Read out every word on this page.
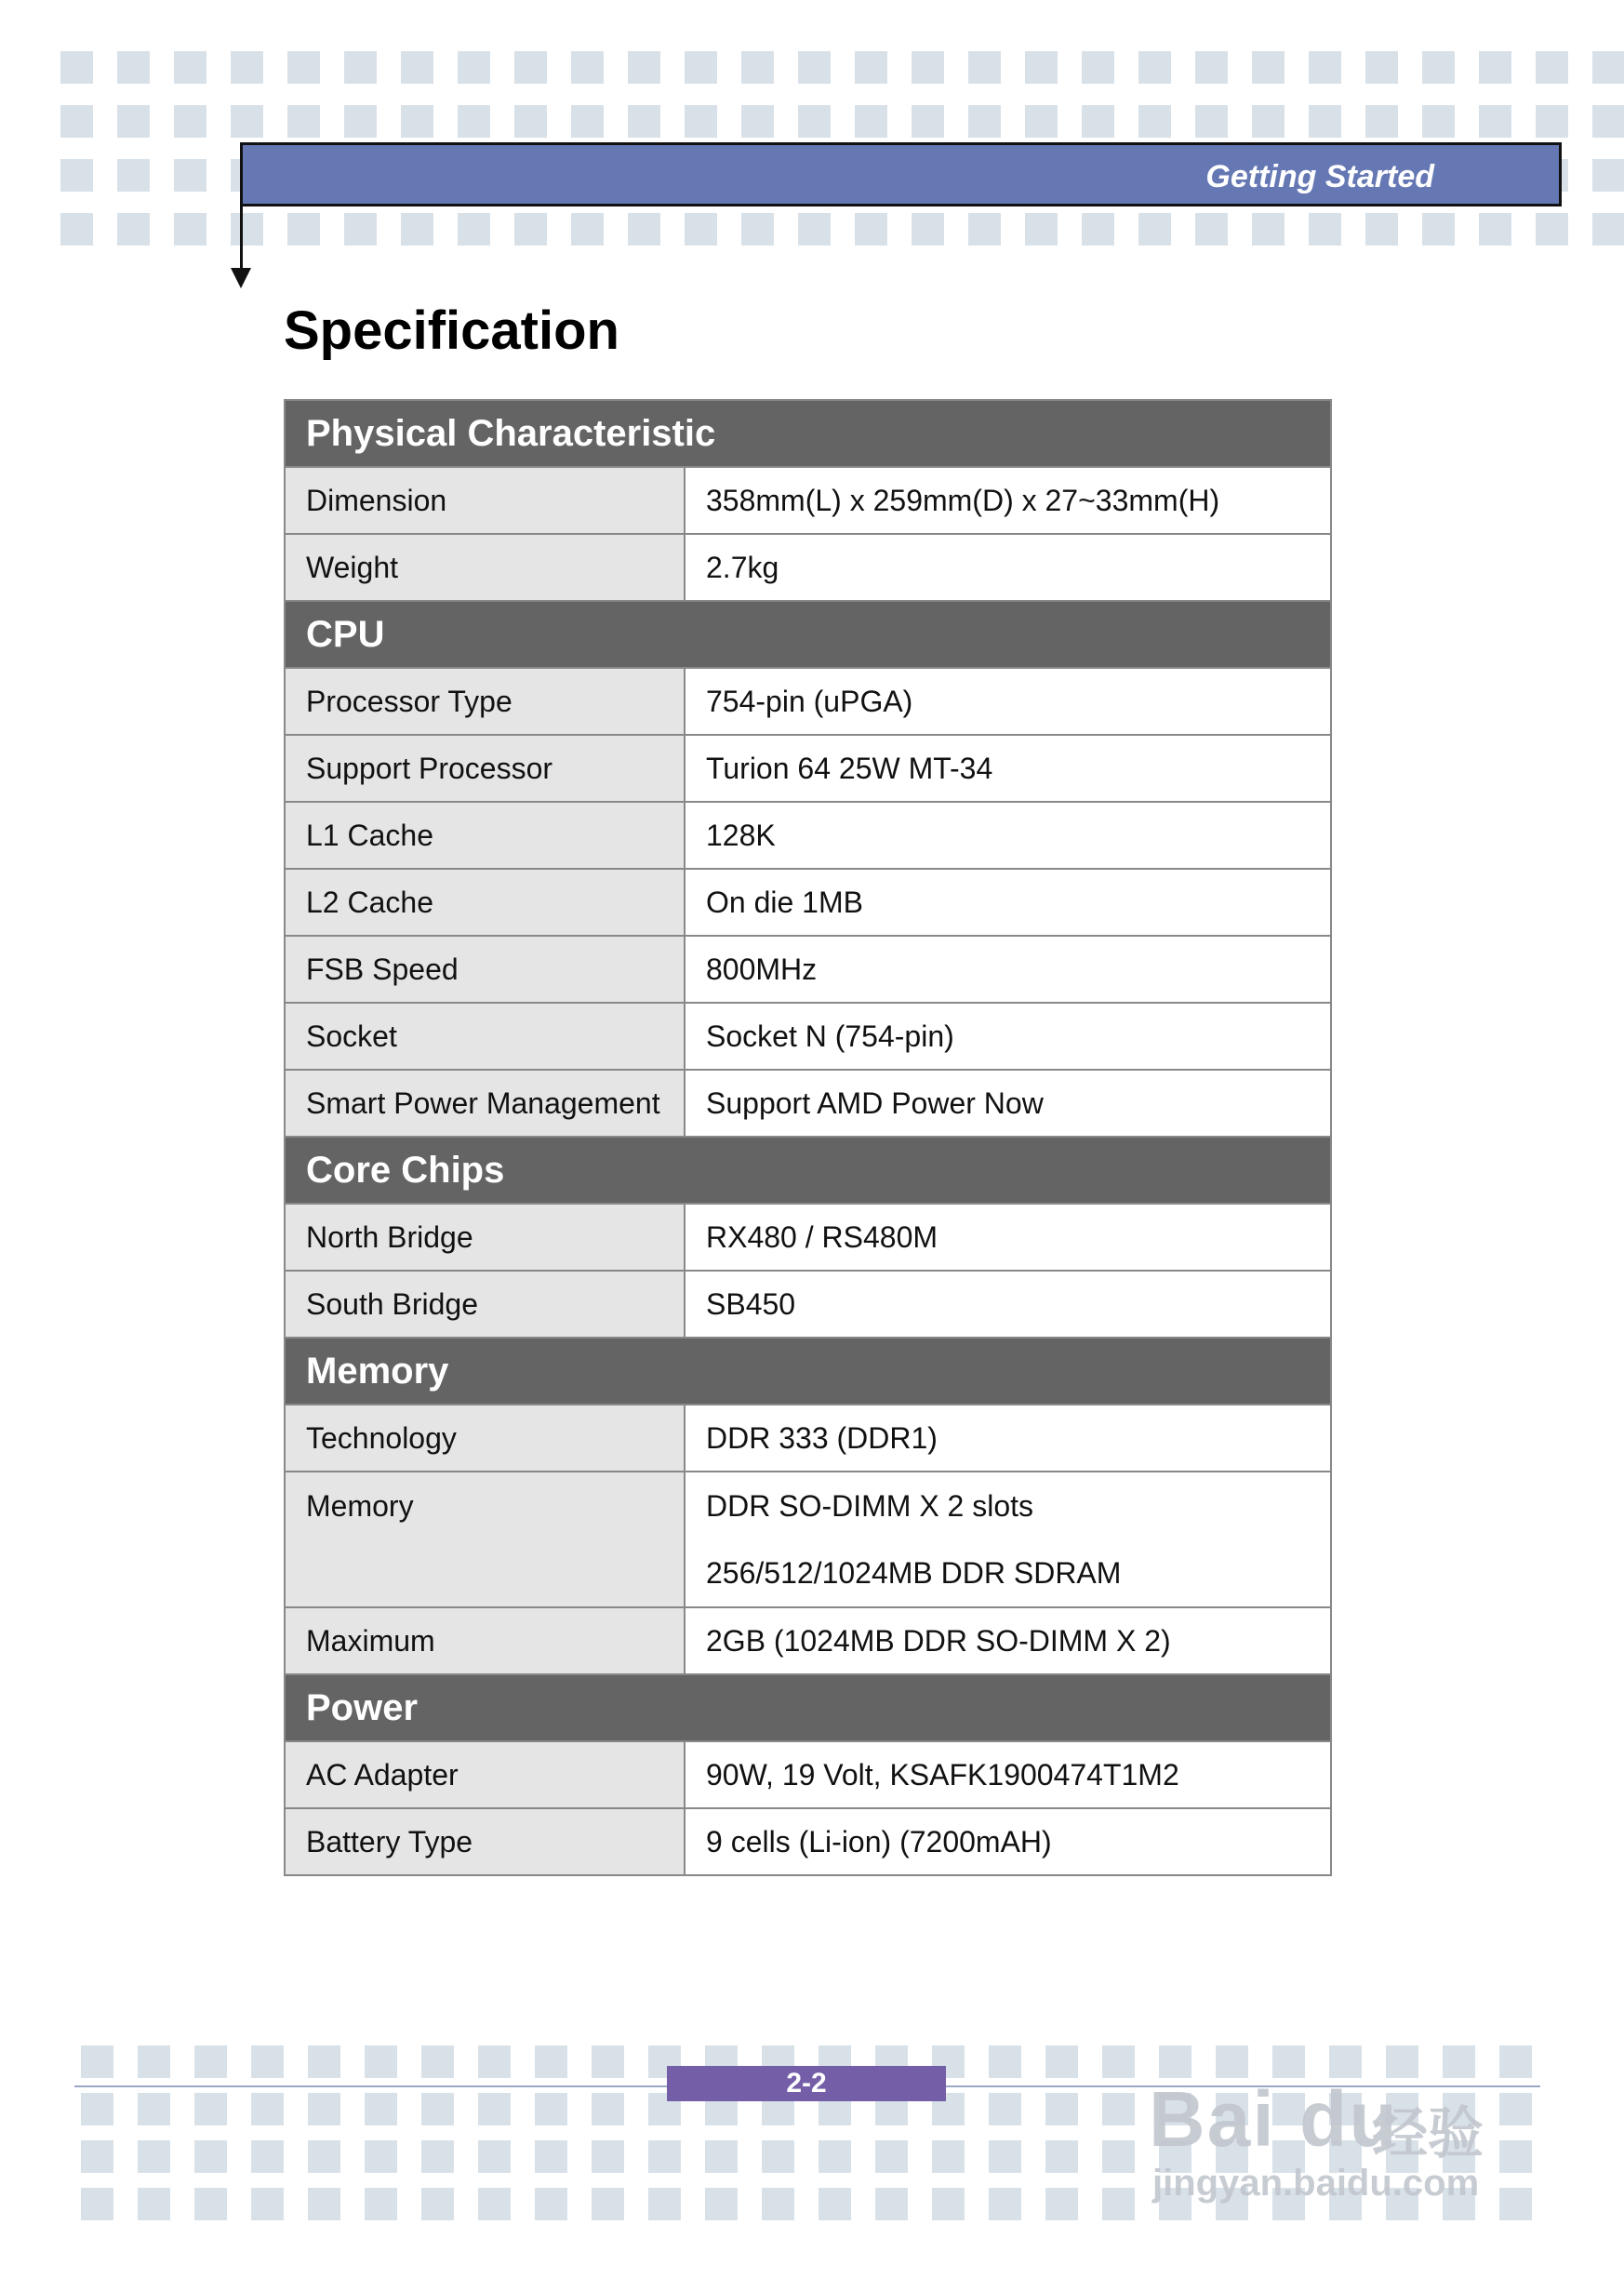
Getting Started
Specification
Physical Characteristic	
Dimension	358mm(L) x 259mm(D) x 27~33mm(H)

Weight	2.7kg

CPU	
Processor Type	754-pin (uPGA)

Support Processor	Turion 64 25W MT-34

L1 Cache	128K

L2 Cache	On die 1MB

FSB Speed	800MHz

Socket	Socket N (754-pin)

Smart Power Management	Support AMD Power Now

Core Chips	
North Bridge	RX480 / RS480M

South Bridge	SB450

Memory	
Technology	DDR 333 (DDR1)

Memory	DDR SO-DIMM X 2 slots
256/512/1024MB DDR SDRAM

Maximum	2GB (1024MB DDR SO-DIMM X 2)

Power	
AC Adapter	90W, 19 Volt, KSAFK1900474T1M2

Battery Type	9 cells (Li-ion) (7200mAH)
2-2	Bai du
经验
jingyan.baidu.com
